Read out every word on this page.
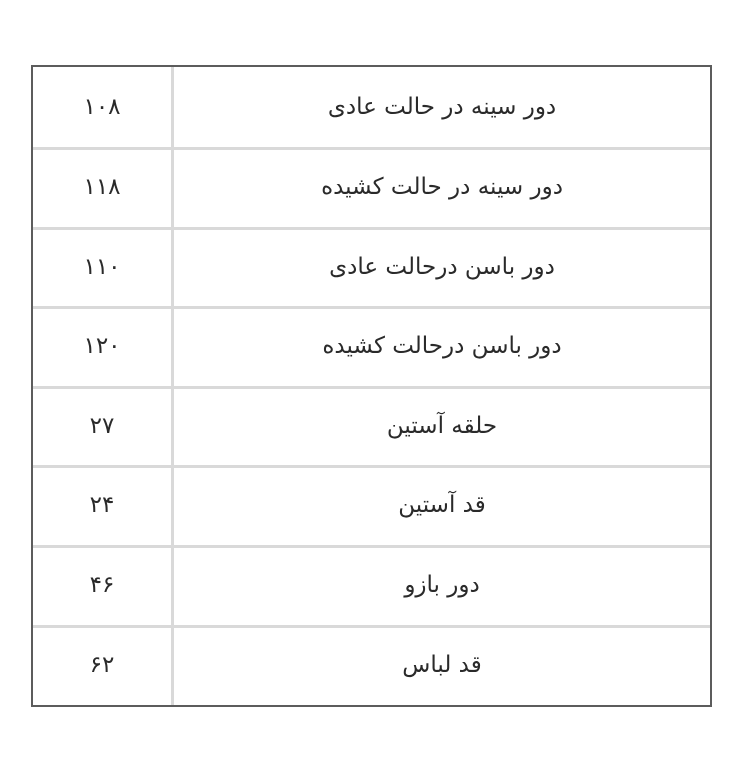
۱۰۸	دور سینه در حالت عادی
۱۱۸	دور سینه در حالت کشیده
۱۱۰	دور باسن درحالت عادی
۱۲۰	دور باسن درحالت کشیده
۲۷	حلقه آستین
۲۴	قد آستین
۴۶	دور بازو
۶۲	قد لباس
